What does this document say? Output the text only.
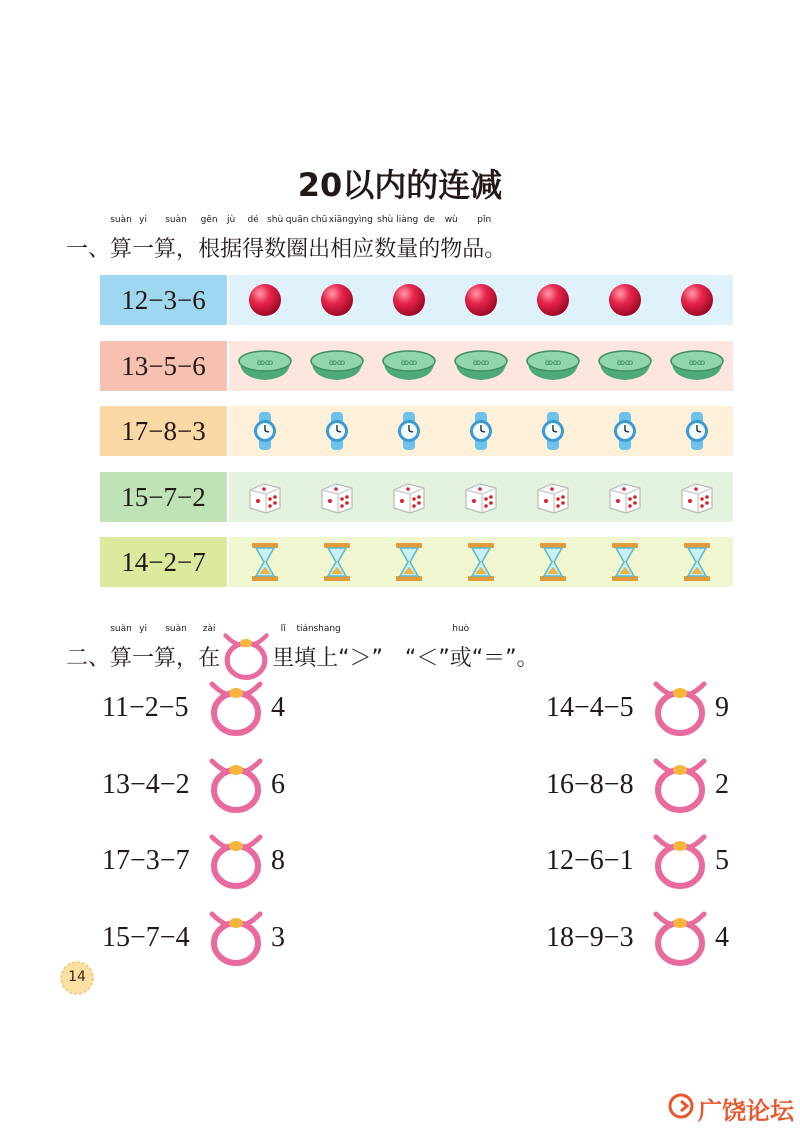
20以内的连减
一、算
suàn
一
yi
算，
suàn
根
gēn
据
jù
得
dé
数
shù
圈
quān
出
chū
相
xiāng
应
yìng
数
shù
量
liàng
的
de
物
wù
品。
pǐn
12−3−6
13−5−6	ꝏꝏ	ꝏꝏ	ꝏꝏ	ꝏꝏ	ꝏꝏ	ꝏꝏ	ꝏꝏ
17−8−3
15−7−2
14−2−7
二、算
suàn
一
yi
算，
suàn
在
zài
里
lǐ
填
tián
上
shang
“＞”　“＜”或
huò
“＝”。
11−2−5	4	14−4−5	9
13−4−2	6	16−8−8	2
17−3−7	8	12−6−1	5
15−7−4	3	18−9−3	4
14
广饶论坛
